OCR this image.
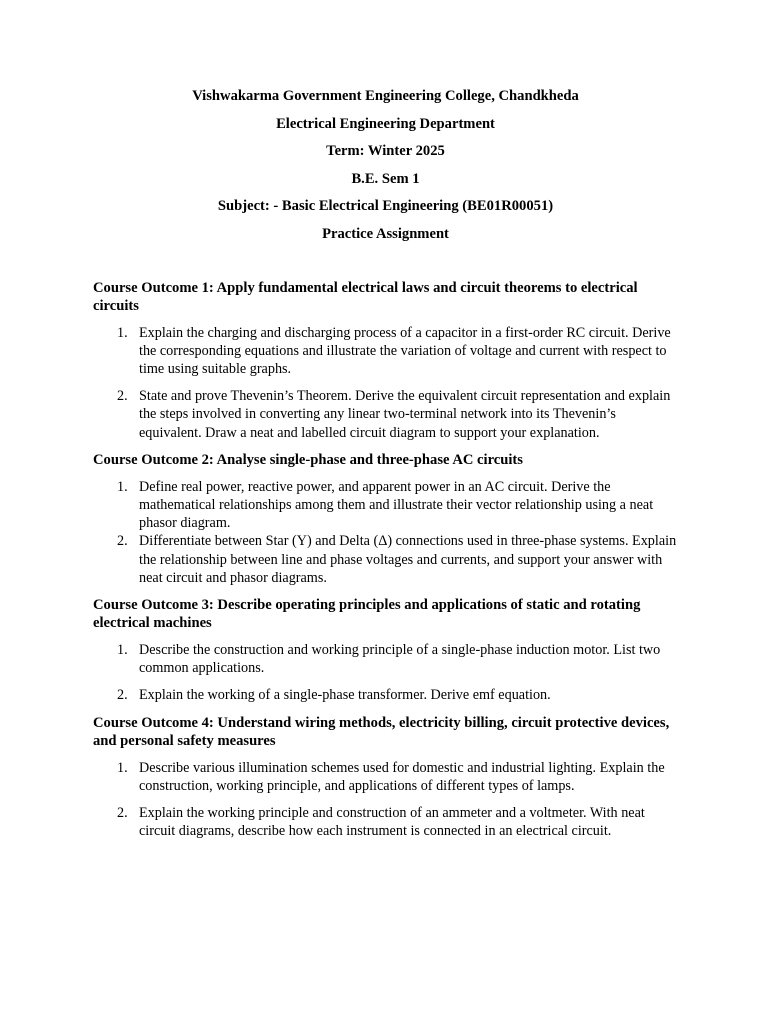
Vishwakarma Government Engineering College, Chandkheda
Electrical Engineering Department
Term: Winter 2025
B.E. Sem 1
Subject: - Basic Electrical Engineering (BE01R00051)
Practice Assignment
Course Outcome 1: Apply fundamental electrical laws and circuit theorems to electrical circuits
1. Explain the charging and discharging process of a capacitor in a first-order RC circuit. Derive the corresponding equations and illustrate the variation of voltage and current with respect to time using suitable graphs.
2. State and prove Thevenin’s Theorem. Derive the equivalent circuit representation and explain the steps involved in converting any linear two-terminal network into its Thevenin’s equivalent. Draw a neat and labelled circuit diagram to support your explanation.
Course Outcome 2: Analyse single-phase and three-phase AC circuits
1. Define real power, reactive power, and apparent power in an AC circuit. Derive the mathematical relationships among them and illustrate their vector relationship using a neat phasor diagram.
2. Differentiate between Star (Y) and Delta (Δ) connections used in three-phase systems. Explain the relationship between line and phase voltages and currents, and support your answer with neat circuit and phasor diagrams.
Course Outcome 3: Describe operating principles and applications of static and rotating electrical machines
1. Describe the construction and working principle of a single-phase induction motor. List two common applications.
2. Explain the working of a single-phase transformer. Derive emf equation.
Course Outcome 4: Understand wiring methods, electricity billing, circuit protective devices, and personal safety measures
1. Describe various illumination schemes used for domestic and industrial lighting. Explain the construction, working principle, and applications of different types of lamps.
2. Explain the working principle and construction of an ammeter and a voltmeter. With neat circuit diagrams, describe how each instrument is connected in an electrical circuit.
